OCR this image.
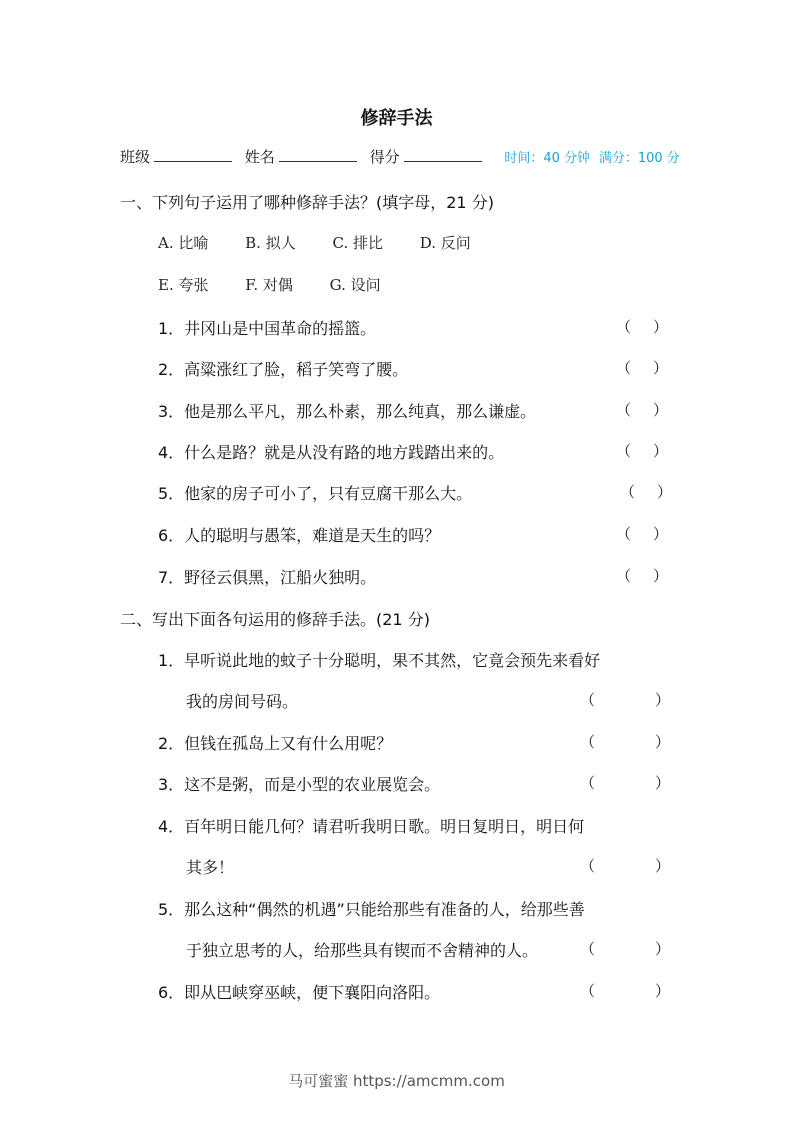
修辞手法
班级	姓名	得分	时间：40 分钟 满分：100 分
一、下列句子运用了哪种修辞手法？(填字母，21 分)
A. 比喻 B. 拟人 C. 排比 D. 反问
E. 夸张 F. 对偶 G. 设问
1．井冈山是中国革命的摇篮。	（ ）
2．高粱涨红了脸，稻子笑弯了腰。	（ ）
3．他是那么平凡，那么朴素，那么纯真，那么谦虚。	（ ）
4．什么是路？就是从没有路的地方践踏出来的。	（ ）
5．他家的房子可小了，只有豆腐干那么大。	（ ）
6．人的聪明与愚笨，难道是天生的吗？	（ ）
7．野径云俱黑，江船火独明。	（ ）
二、写出下面各句运用的修辞手法。(21 分)
1．早听说此地的蚊子十分聪明，果不其然，它竟会预先来看好
我的房间号码。	（	）
2．但钱在孤岛上又有什么用呢？	（	）
3．这不是粥，而是小型的农业展览会。	（	）
4．百年明日能几何？请君听我明日歌。明日复明日，明日何
其多！	（	）
5．那么这种“偶然的机遇”只能给那些有准备的人，给那些善
于独立思考的人，给那些具有锲而不舍精神的人。	（	）
6．即从巴峡穿巫峡，便下襄阳向洛阳。	（	）
马可蜜蜜 https://amcmm.com
